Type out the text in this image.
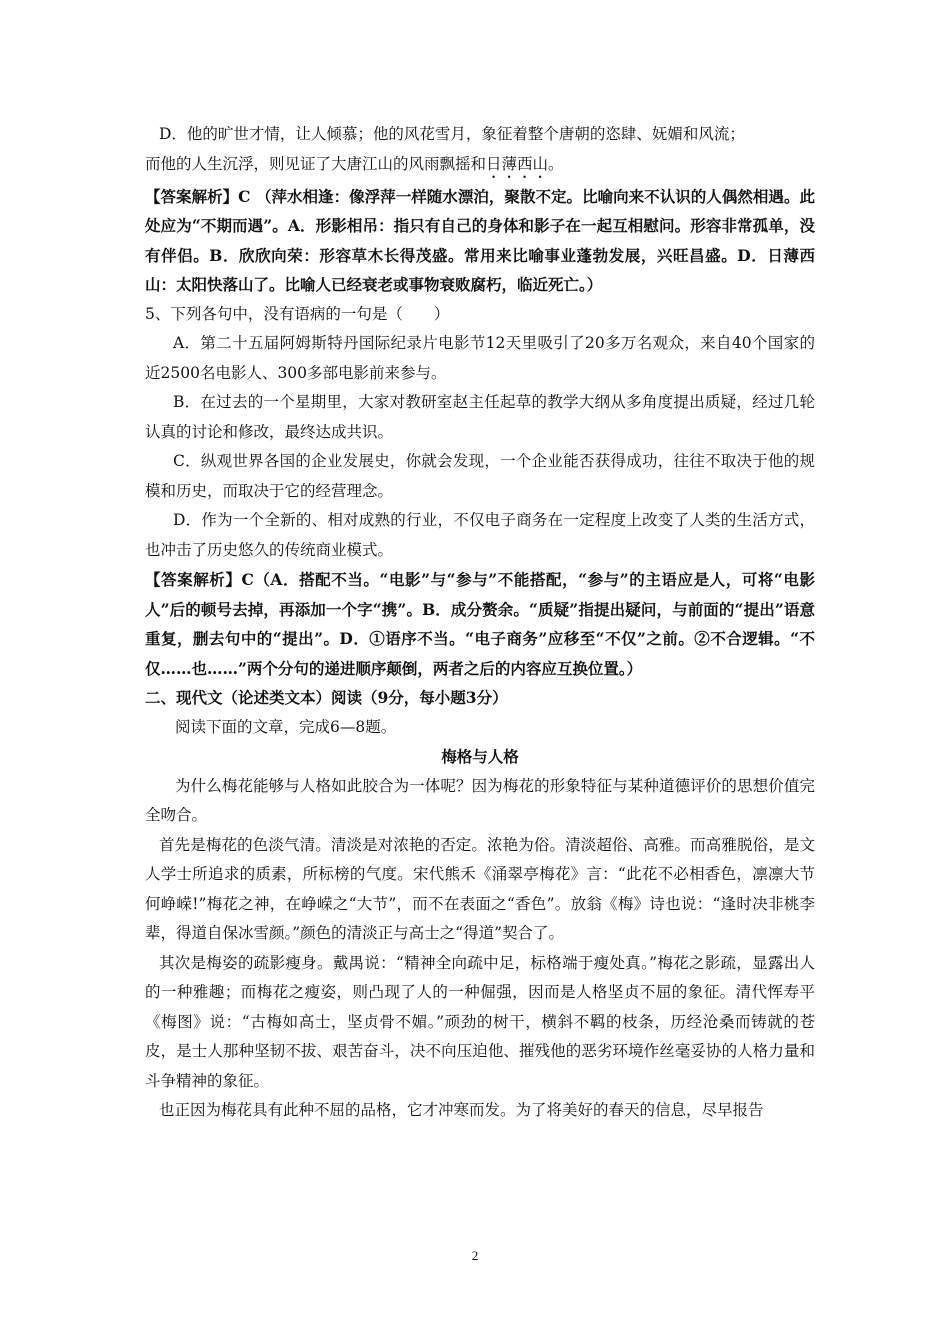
D．他的旷世才情，让人倾慕；他的风花雪月，象征着整个唐朝的恣肆、妩媚和风流；

而他的人生沉浮，则见证了大唐江山的风雨飘摇和日薄西山。

【答案解析】C （萍水相逢：像浮萍一样随水漂泊，聚散不定。比喻向来不认识的人偶然相遇。此处应为“不期而遇”。A．形影相吊：指只有自己的身体和影子在一起互相慰问。形容非常孤单，没有伴侣。B．欣欣向荣：形容草木长得茂盛。常用来比喻事业蓬勃发展，兴旺昌盛。D．日薄西山：太阳快落山了。比喻人已经衰老或事物衰败腐朽，临近死亡。）

5、下列各句中，没有语病的一句是（　　）

A．第二十五届阿姆斯特丹国际纪录片电影节12天里吸引了20多万名观众，来自40个国家的近2500名电影人、300多部电影前来参与。

B．在过去的一个星期里，大家对教研室赵主任起草的教学大纲从多角度提出质疑，经过几轮认真的讨论和修改，最终达成共识。

C．纵观世界各国的企业发展史，你就会发现，一个企业能否获得成功，往往不取决于他的规模和历史，而取决于它的经营理念。

D．作为一个全新的、相对成熟的行业，不仅电子商务在一定程度上改变了人类的生活方式，也冲击了历史悠久的传统商业模式。

【答案解析】C（A．搭配不当。“电影”与“参与”不能搭配，“参与”的主语应是人，可将“电影人”后的顿号去掉，再添加一个字“携”。B．成分赘余。“质疑”指提出疑问，与前面的“提出”语意重复，删去句中的“提出”。D．①语序不当。“电子商务”应移至“不仅”之前。②不合逻辑。“不仅……也……”两个分句的递进顺序颠倒，两者之后的内容应互换位置。）

二、现代文（论述类文本）阅读（9分，每小题3分）

阅读下面的文章，完成6—8题。

梅格与人格

为什么梅花能够与人格如此胶合为一体呢？因为梅花的形象特征与某种道德评价的思想价值完全吻合。

首先是梅花的色淡气清。清淡是对浓艳的否定。浓艳为俗。清淡超俗、高雅。而高雅脱俗，是文人学士所追求的质素，所标榜的气度。宋代熊禾《涌翠亭梅花》言：“此花不必相香色，凛凛大节何峥嵘!”梅花之神，在峥嵘之“大节”，而不在表面之“香色”。放翁《梅》诗也说：“逢时决非桃李辈，得道自保冰雪颜。”颜色的清淡正与高士之“得道”契合了。

其次是梅姿的疏影瘦身。戴禺说：“精神全向疏中足，标格端于瘦处真。”梅花之影疏，显露出人的一种雅趣；而梅花之瘦姿，则凸现了人的一种倔强，因而是人格坚贞不屈的象征。清代恽寿平《梅图》说：“古梅如高士，坚贞骨不媚。”顽劲的树干，横斜不羁的枝条，历经沧桑而铸就的苍皮，是士人那种坚韧不拔、艰苦奋斗，决不向压迫他、摧残他的恶劣环境作丝毫妥协的人格力量和斗争精神的象征。

也正因为梅花具有此种不屈的品格，它才冲寒而发。为了将美好的春天的信息，尽早报告

2
